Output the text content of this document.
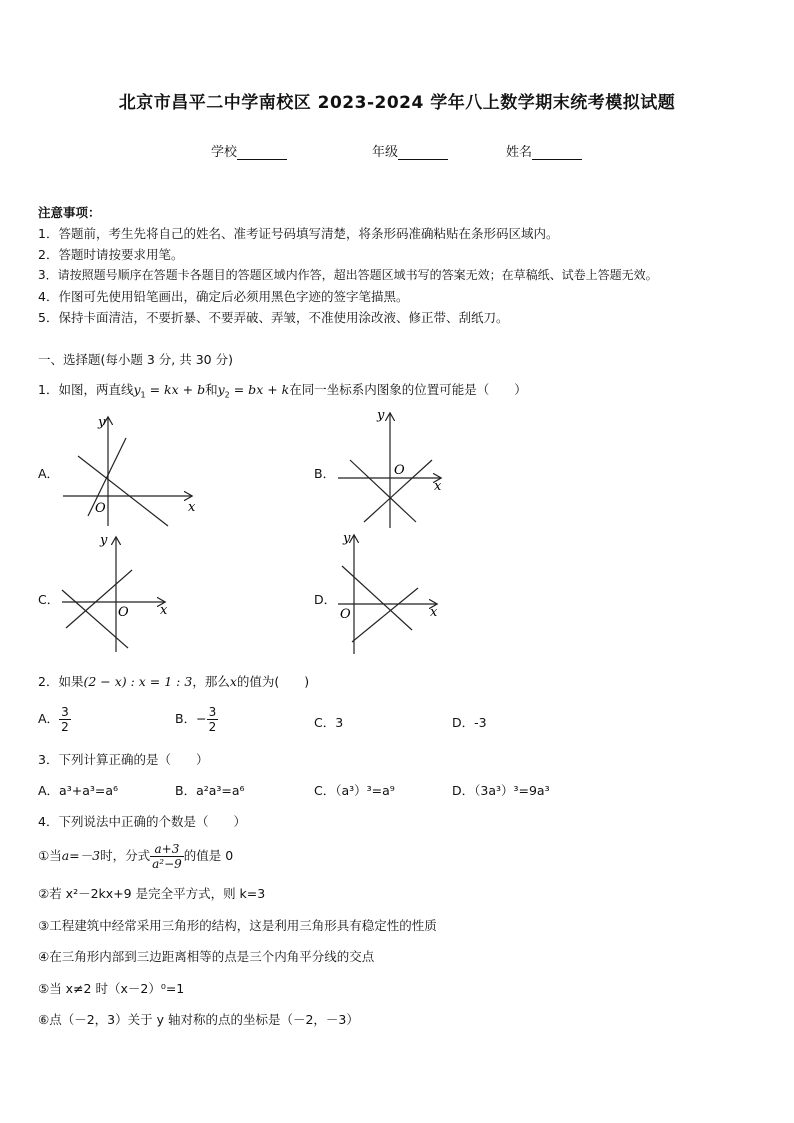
北京市昌平二中学南校区 2023-2024 学年八上数学期末统考模拟试题
学校	年级	姓名
注意事项：
1．答题前，考生先将自己的姓名、准考证号码填写清楚，将条形码准确粘贴在条形码区域内。
2．答题时请按要求用笔。
3．请按照题号顺序在答题卡各题目的答题区域内作答，超出答题区域书写的答案无效；在草稿纸、试卷上答题无效。
4．作图可先使用铅笔画出，确定后必须用黑色字迹的签字笔描黑。
5．保持卡面清洁，不要折暴、不要弄破、弄皱，不准使用涂改液、修正带、刮纸刀。
一、选择题(每小题 3 分, 共 30 分)
1．如图，两直线$y_1$ = kx + b和$y_2$ = bx + k在同一坐标系内图象的位置可能是（　　）
A．	B．
C．	D．
x
y
O
x
y
O
x
y
O	x
y
O
2．如果(2 − x) : x = 1 : 3，那么x的值为(　　)
A． $\frac{3}{2}$	B．− $\frac{3}{2}$	C．3	D．-3
3．下列计算正确的是（　　）
A．a³+a³=a⁶	B．a²a³=a⁶	C．（a³）³=a⁹	D．（3a³）³=9a³
4．下列说法中正确的个数是（　　）
①当a=－3时，分式 $\frac{a+3}{\text{a²−9}}$ 的值是 0
②若 x²－2kx+9 是完全平方式，则 k=3
③工程建筑中经常采用三角形的结构，这是利用三角形具有稳定性的性质
④在三角形内部到三边距离相等的点是三个内角平分线的交点
⑤当 x≠2 时（x－2）⁰=1
⑥点（－2，3）关于 y 轴对称的点的坐标是（－2，－3）
